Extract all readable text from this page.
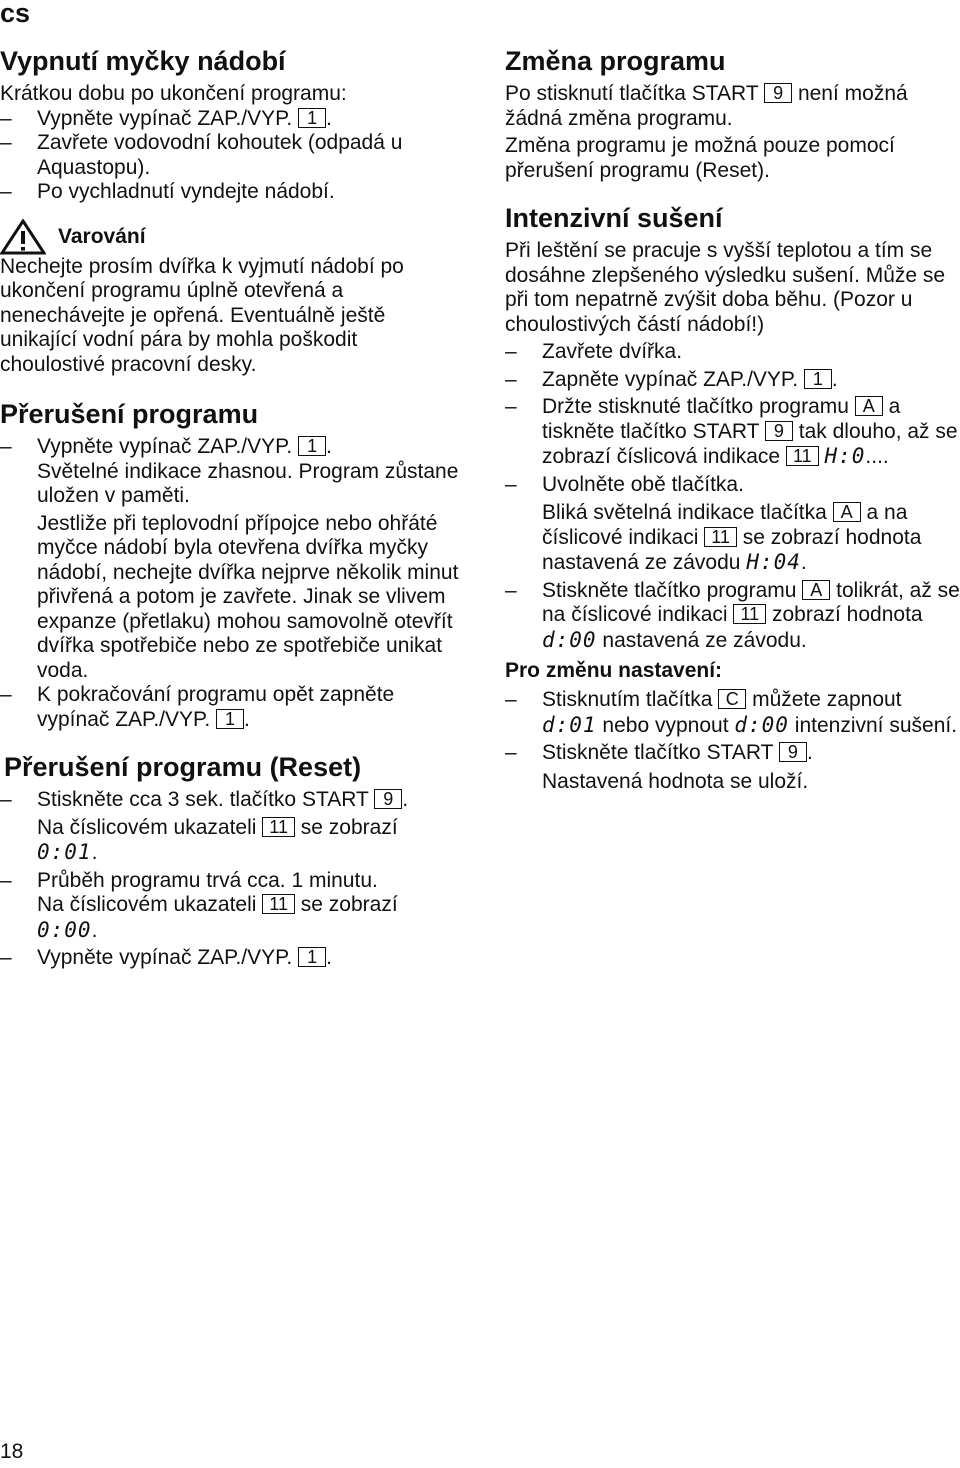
cs
Vypnutí myčky nádobí

Krátkou dobu po ukončení programu:

– Vypněte vypínač ZAP./VYP. 1 .

– Zavřete vodovodní kohoutek (odpadá u Aquastopu).

– Po vychladnutí vyndejte nádobí.

Varování

Nechejte prosím dvířka k vyjmutí nádobí po ukončení programu úplně otevřená a nenechávejte je opřená. Eventuálně ještě unikající vodní pára by mohla poškodit choulostivé pracovní desky.

Přerušení programu

– Vypněte vypínač ZAP./VYP. 1 .

Světelné indikace zhasnou. Program zůstane uložen v paměti.

Jestliže při teplovodní přípojce nebo ohřáté myčce nádobí byla otevřena dvířka myčky nádobí, nechejte dvířka nejprve několik minut přivřená a potom je zavřete. Jinak se vlivem expanze (přetlaku) mohou samovolně otevřít dvířka spotřebiče nebo ze spotřebiče unikat voda.

– K pokračování programu opět zapněte vypínač ZAP./VYP. 1 .

Přerušení programu (Reset)

– Stiskněte cca 3 sek. tlačítko START 9 .

Na číslicovém ukazateli 11 se zobrazí 0:01.

– Průběh programu trvá cca. 1 minutu.

Na číslicovém ukazateli 11 se zobrazí 0:00.

– Vypněte vypínač ZAP./VYP. 1 .

Změna programu

Po stisknutí tlačítka START 9 není možná žádná změna programu.

Změna programu je možná pouze pomocí přerušení programu (Reset).

Intenzivní sušení

Při leštění se pracuje s vyšší teplotou a tím se dosáhne zlepšeného výsledku sušení. Může se při tom nepatrně zvýšit doba běhu. (Pozor u choulostivých částí nádobí!)

– Zavřete dvířka.

– Zapněte vypínač ZAP./VYP. 1 .

– Držte stisknuté tlačítko programu A a tiskněte tlačítko START 9 tak dlouho, až se zobrazí číslicová indikace 11 H:0....

– Uvolněte obě tlačítka.

Bliká světelná indikace tlačítka A a na číslicové indikaci 11 se zobrazí hodnota nastavená ze závodu H:04.

– Stiskněte tlačítko programu A tolikrát, až se na číslicové indikaci 11 zobrazí hodnota d:00 nastavená ze závodu.

Pro změnu nastavení:

– Stisknutím tlačítka C můžete zapnout d:01 nebo vypnout d:00 intenzivní sušení.

– Stiskněte tlačítko START 9 .

Nastavená hodnota se uloží.

18
